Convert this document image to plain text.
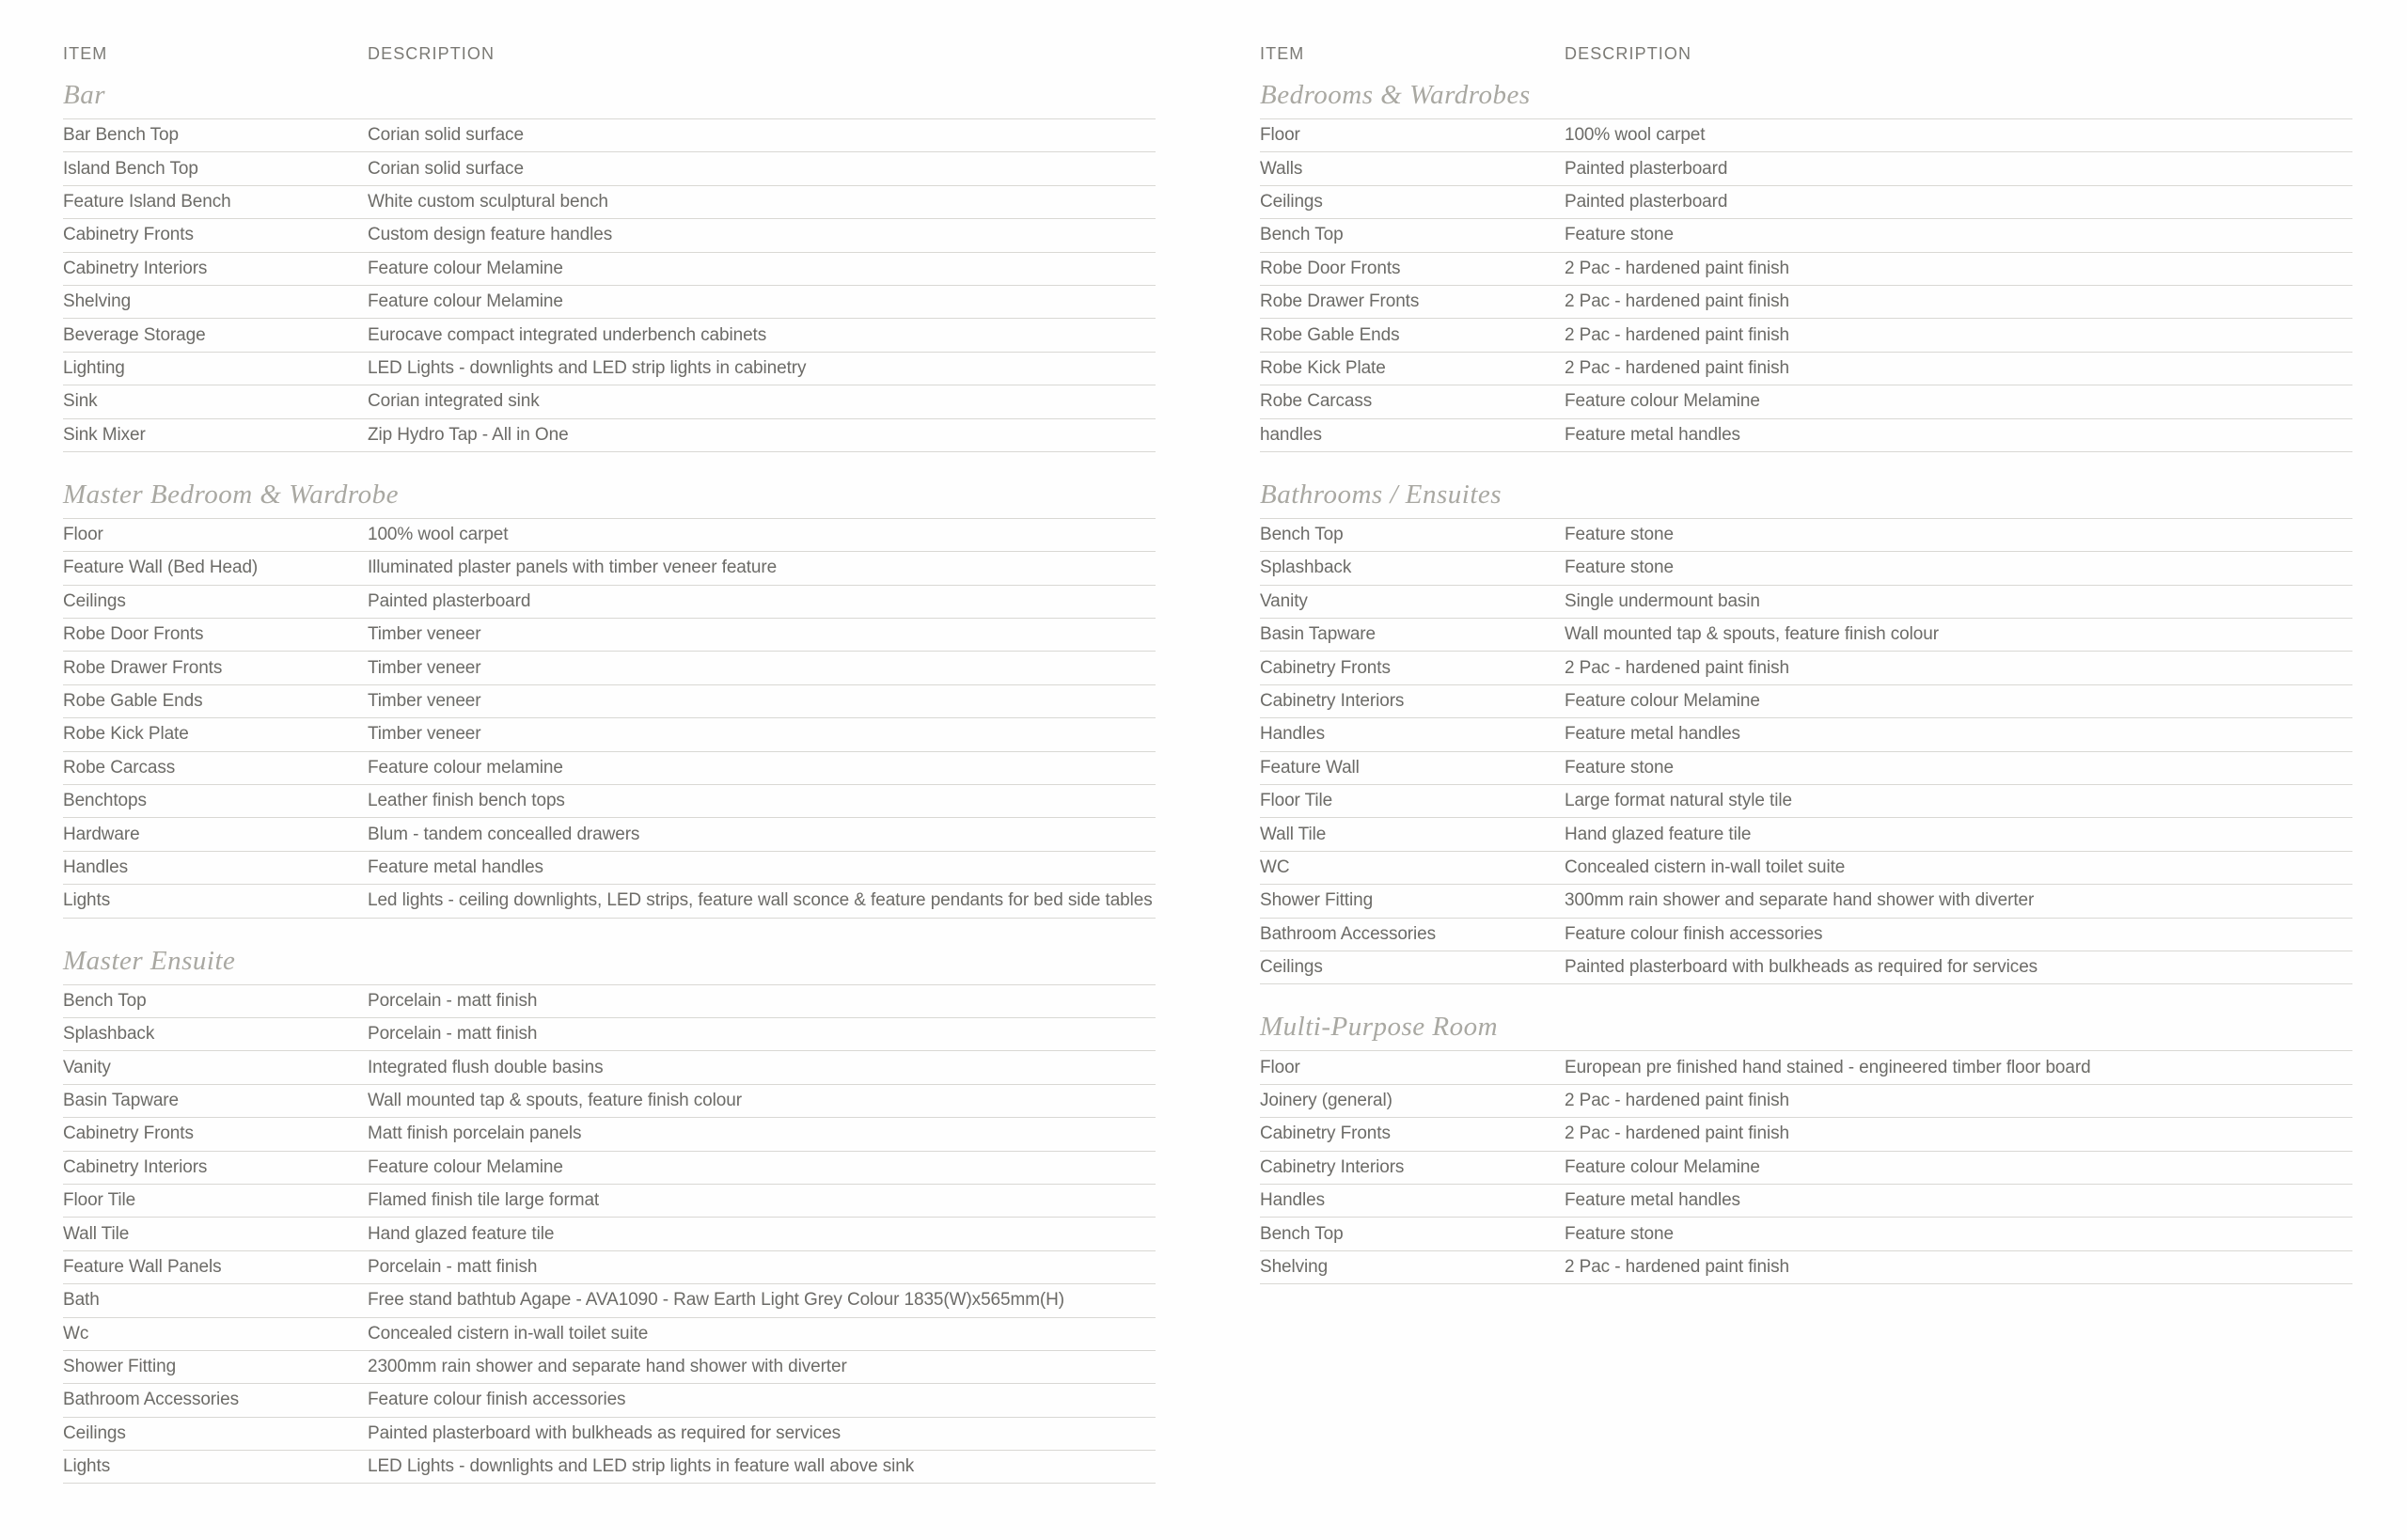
ITEM	DESCRIPTION
Bar
Bar Bench Top	Corian solid surface
Island Bench Top	Corian solid surface
Feature Island Bench	White custom sculptural bench
Cabinetry Fronts	Custom design feature handles
Cabinetry Interiors	Feature colour Melamine
Shelving	Feature colour Melamine
Beverage Storage	Eurocave compact integrated underbench cabinets
Lighting	LED Lights - downlights and LED strip lights in cabinetry
Sink	Corian integrated sink
Sink Mixer	Zip Hydro Tap - All in One
Master Bedroom & Wardrobe
Floor	100% wool carpet
Feature Wall (Bed Head)	Illuminated plaster panels with timber veneer feature
Ceilings	Painted plasterboard
Robe Door Fronts	Timber veneer
Robe Drawer Fronts	Timber veneer
Robe Gable Ends	Timber veneer
Robe Kick Plate	Timber veneer
Robe Carcass	Feature colour melamine
Benchtops	Leather finish bench tops
Hardware	Blum - tandem concealled drawers
Handles	Feature metal handles
Lights	Led lights - ceiling downlights, LED strips, feature wall sconce & feature pendants for bed side tables
Master Ensuite
Bench Top	Porcelain - matt finish
Splashback	Porcelain - matt finish
Vanity	Integrated flush double basins
Basin Tapware	Wall mounted tap & spouts, feature finish colour
Cabinetry Fronts	Matt finish porcelain panels
Cabinetry Interiors	Feature colour Melamine
Floor Tile	Flamed finish tile large format
Wall Tile	Hand glazed feature tile
Feature Wall Panels	Porcelain - matt finish
Bath	Free stand bathtub Agape - AVA1090 - Raw Earth Light Grey Colour 1835(W)x565mm(H)
Wc	Concealed cistern in-wall toilet suite
Shower Fitting	2300mm rain shower and separate hand shower with diverter
Bathroom Accessories	Feature colour finish accessories
Ceilings	Painted plasterboard with bulkheads as required for services
Lights	LED Lights - downlights and LED strip lights in feature wall above sink
ITEM	DESCRIPTION
Bedrooms & Wardrobes
Floor	100% wool carpet
Walls	Painted plasterboard
Ceilings	Painted plasterboard
Bench Top	Feature stone
Robe Door Fronts	2 Pac - hardened paint finish
Robe Drawer Fronts	2 Pac - hardened paint finish
Robe Gable Ends	2 Pac - hardened paint finish
Robe Kick Plate	2 Pac - hardened paint finish
Robe Carcass	Feature colour Melamine
handles	Feature metal handles
Bathrooms / Ensuites
Bench Top	Feature stone
Splashback	Feature stone
Vanity	Single undermount basin
Basin Tapware	Wall mounted tap & spouts, feature finish colour
Cabinetry Fronts	2 Pac - hardened paint finish
Cabinetry Interiors	Feature colour Melamine
Handles	Feature metal handles
Feature Wall	Feature stone
Floor Tile	Large format natural style tile
Wall Tile	Hand glazed feature tile
WC	Concealed cistern in-wall toilet suite
Shower Fitting	300mm rain shower and separate hand shower with diverter
Bathroom Accessories	Feature colour finish accessories
Ceilings	Painted plasterboard with bulkheads as required for services
Multi-Purpose Room
Floor	European pre finished hand stained - engineered timber floor board
Joinery (general)	2 Pac - hardened paint finish
Cabinetry Fronts	2 Pac - hardened paint finish
Cabinetry Interiors	Feature colour Melamine
Handles	Feature metal handles
Bench Top	Feature stone
Shelving	2 Pac - hardened paint finish
